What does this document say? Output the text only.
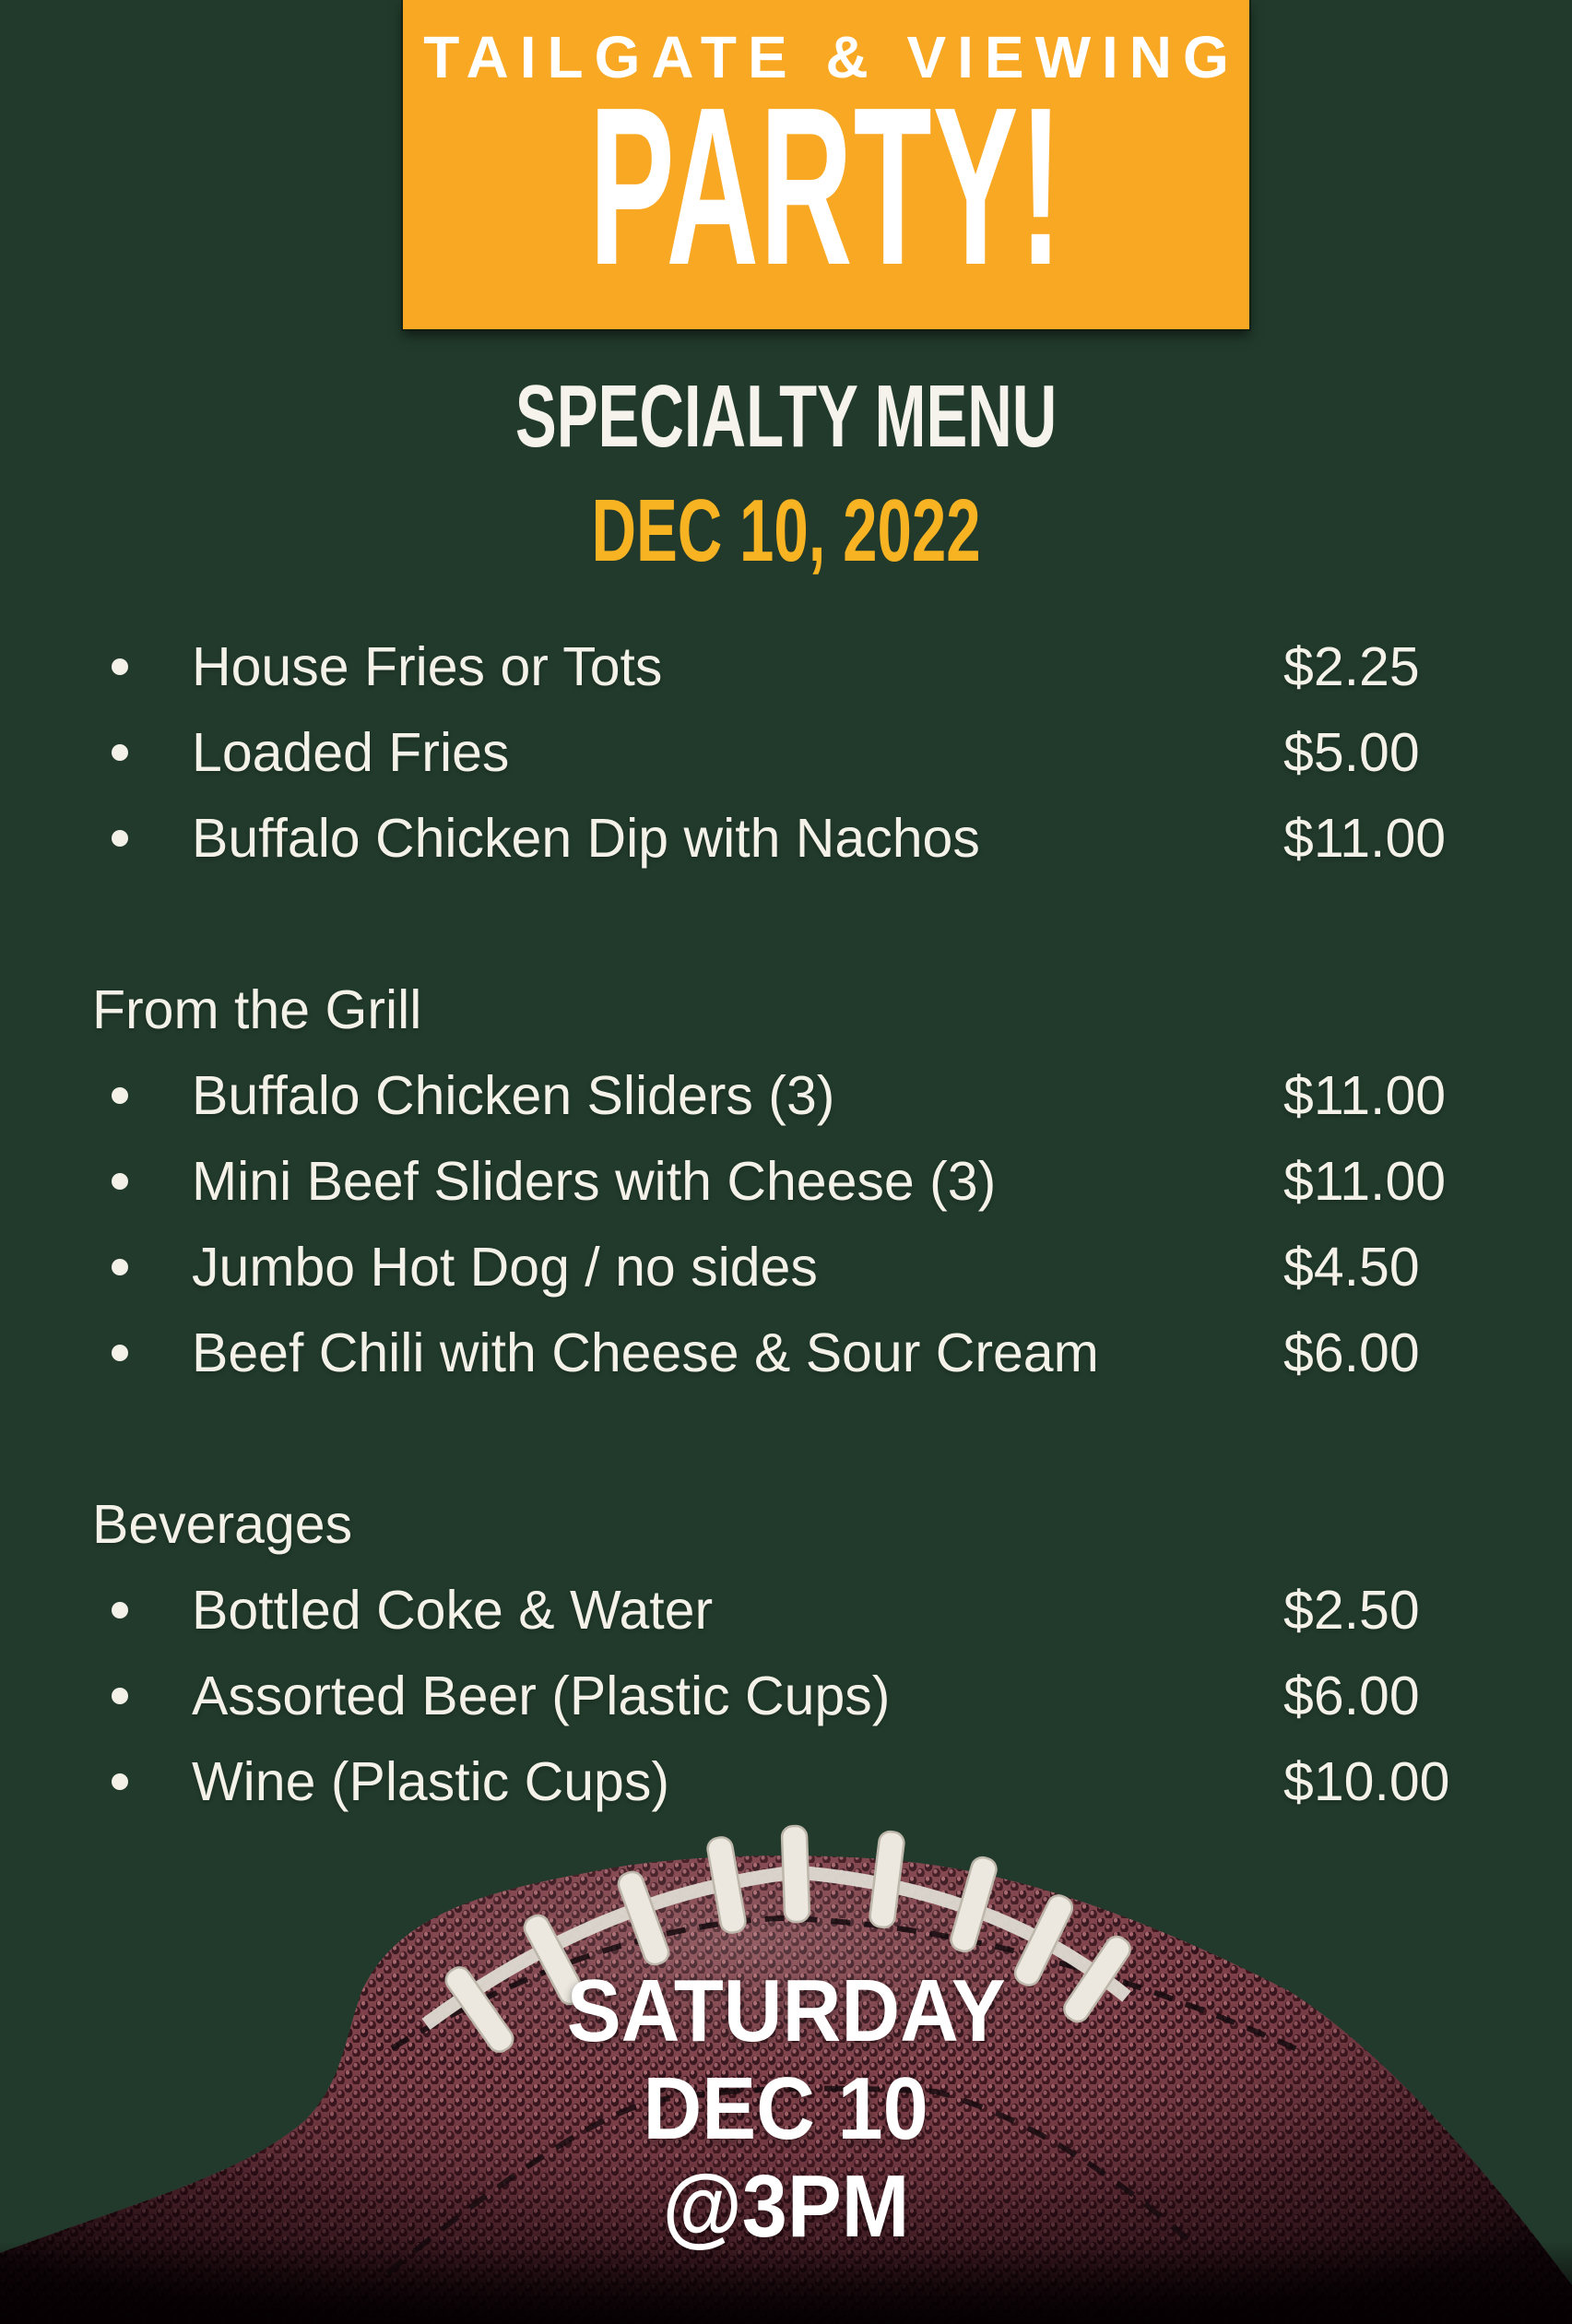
TAILGATE & VIEWING
PARTY!
SPECIALTY MENU
DEC 10, 2022
House Fries or Tots	$2.25
Loaded Fries	$5.00
Buffalo Chicken Dip with Nachos	$11.00
From the Grill
Buffalo Chicken Sliders (3)	$11.00
Mini Beef Sliders with Cheese (3)	$11.00
Jumbo Hot Dog / no sides	$4.50
Beef Chili with Cheese & Sour Cream	$6.00
Beverages
Bottled Coke & Water	$2.50
Assorted Beer (Plastic Cups)	$6.00
Wine (Plastic Cups)	$10.00
SATURDAY
DEC 10
@3PM
